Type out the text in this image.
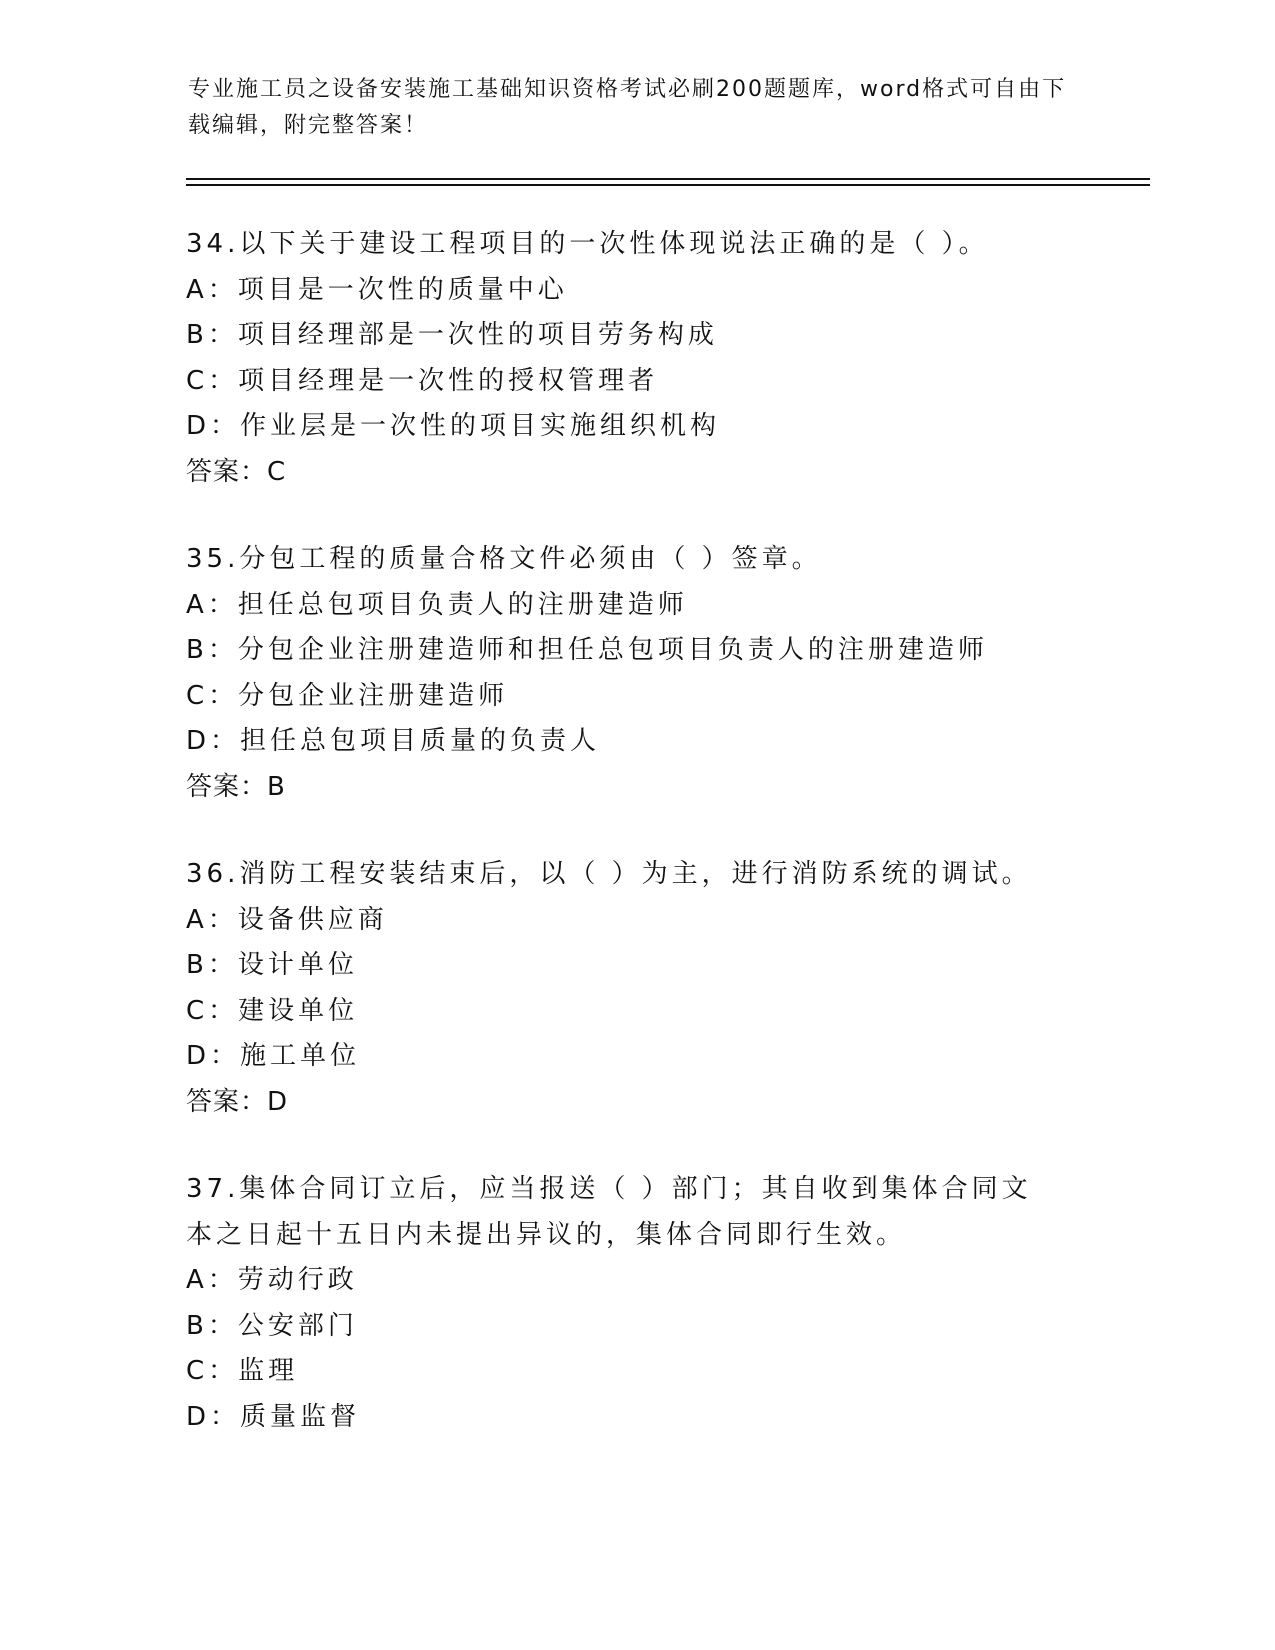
专业施工员之设备安装施工基础知识资格考试必刷200题题库，word格式可自由下载编辑，附完整答案！
34.以下关于建设工程项目的一次性体现说法正确的是（ ）。
A：项目是一次性的质量中心
B：项目经理部是一次性的项目劳务构成
C：项目经理是一次性的授权管理者
D：作业层是一次性的项目实施组织机构
答案：C
35.分包工程的质量合格文件必须由（ ）签章。
A：担任总包项目负责人的注册建造师
B：分包企业注册建造师和担任总包项目负责人的注册建造师
C：分包企业注册建造师
D：担任总包项目质量的负责人
答案：B
36.消防工程安装结束后，以（ ）为主，进行消防系统的调试。
A：设备供应商
B：设计单位
C：建设单位
D：施工单位
答案：D
37.集体合同订立后，应当报送（ ）部门；其自收到集体合同文本之日起十五日内未提出异议的，集体合同即行生效。
A：劳动行政
B：公安部门
C：监理
D：质量监督
